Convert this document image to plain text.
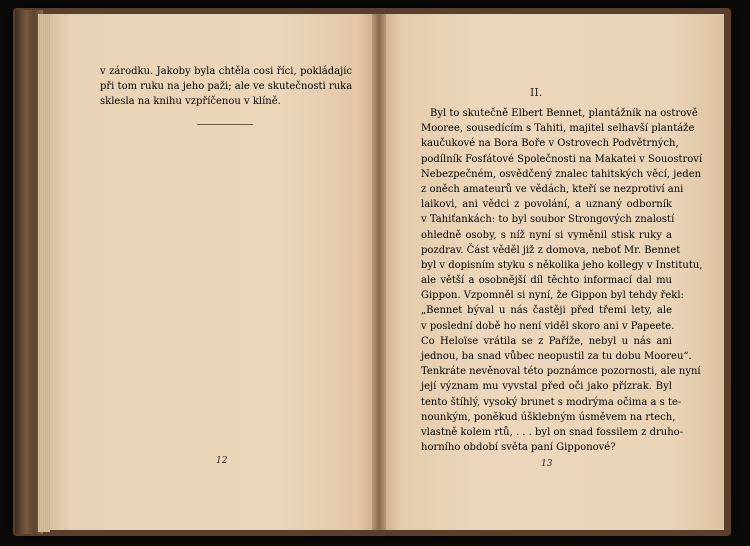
v zárodku. Jakoby byla chtěla cosi říci, pokládajíc
při tom ruku na jeho paži; ale ve skutečnosti ruka
sklesla na knihu vzpříčenou v klíně.
12
II.
Byl to skutečně Elbert Bennet, plantážník na ostrově
Mooree, sousedícím s Tahiti, majitel selhavší plantáže
kaučukové na Bora Boře v Ostrovech Podvětrných,
podílník Fosfátové Společnosti na Makatei v Souostroví
Nebezpečném, osvědčený znalec tahitských věcí, jeden
z oněch amateurů ve vědách, kteří se nezprotiví ani
laikovi, ani vědci z povolání, a uznaný odborník
v Tahiťankách: to byl soubor Strongových znalostí
ohledně osoby, s níž nyní si vyměnil stisk ruky a
pozdrav. Část věděl již z domova, neboť Mr. Bennet
byl v dopisním styku s několika jeho kollegy v Institutu,
ale větší a osobnější díl těchto informací dal mu
Gippon. Vzpomněl si nyní, že Gippon byl tehdy řekl:
„Bennet býval u nás častěji před třemi lety, ale
v poslední době ho není viděl skoro ani v Papeete.
Co Heloïse vrátila se z Paříže, nebyl u nás ani
jednou, ba snad vůbec neopustil za tu dobu Mooreu“.
Tenkráte nevěnoval této poznámce pozornosti, ale nyní
její význam mu vyvstal před oči jako přízrak. Byl
tento štíhlý, vysoký brunet s modrýma očima a s te-
nounkým, poněkud úšklebným úsměvem na rtech,
vlastně kolem rtů, . . . byl on snad fossilem z druho-
horního období světa paní Gipponové?
13
